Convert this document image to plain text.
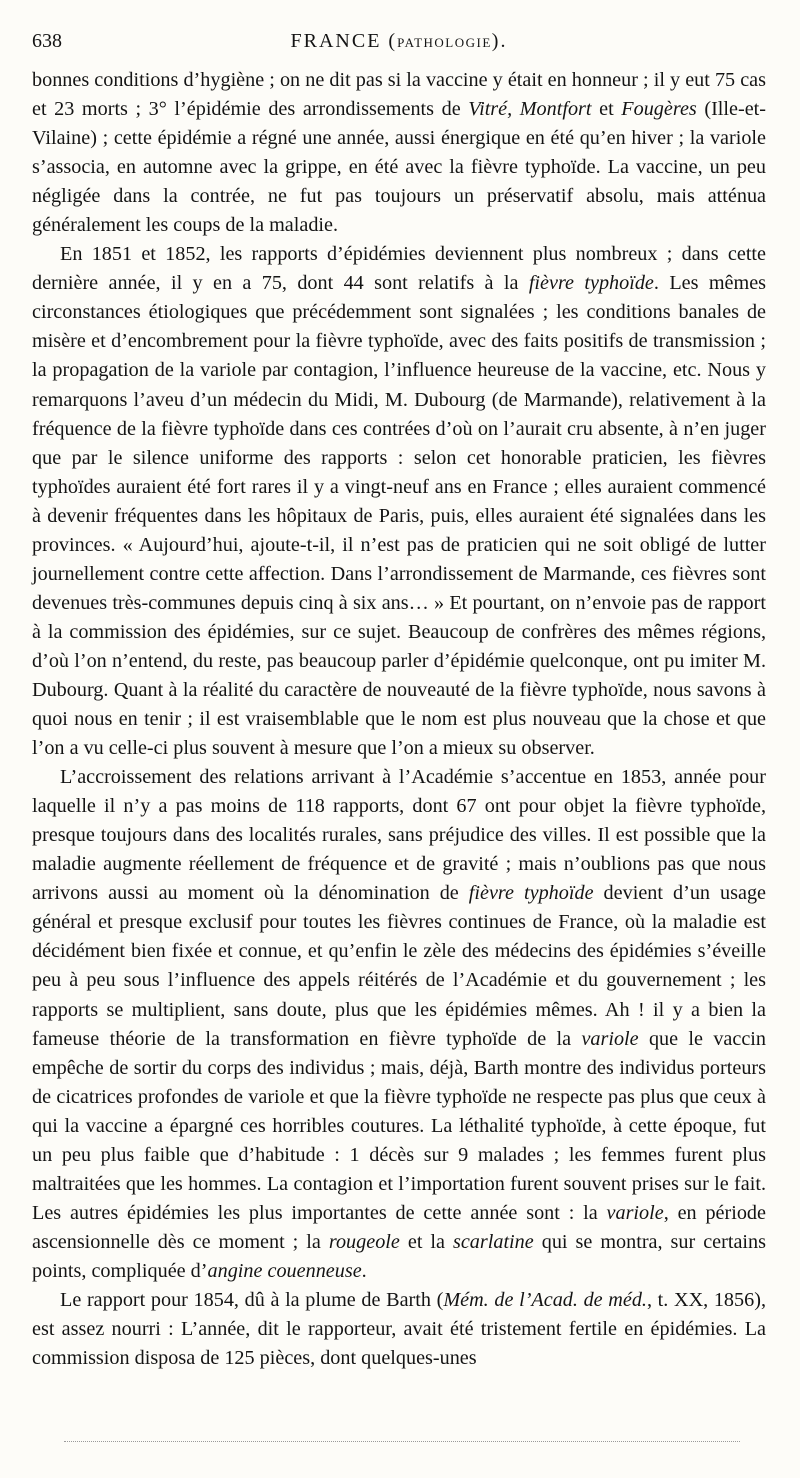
638	FRANCE (PATHOLOGIE).

bonnes conditions d’hygiène ; on ne dit pas si la vaccine y était en honneur ; il y eut 75 cas et 23 morts ; 3° l’épidémie des arrondissements de Vitré, Montfort et Fougères (Ille-et-Vilaine) ; cette épidémie a régné une année, aussi énergique en été qu’en hiver ; la variole s’associa, en automne avec la grippe, en été avec la fièvre typhoïde. La vaccine, un peu négligée dans la contrée, ne fut pas toujours un préservatif absolu, mais atténua généralement les coups de la maladie.

En 1851 et 1852, les rapports d’épidémies deviennent plus nombreux ; dans cette dernière année, il y en a 75, dont 44 sont relatifs à la fièvre typhoïde. Les mêmes circonstances étiologiques que précédemment sont signalées ; les conditions banales de misère et d’encombrement pour la fièvre typhoïde, avec des faits positifs de transmission ; la propagation de la variole par contagion, l’influence heureuse de la vaccine, etc. Nous y remarquons l’aveu d’un médecin du Midi, M. Dubourg (de Marmande), relativement à la fréquence de la fièvre typhoïde dans ces contrées d’où on l’aurait cru absente, à n’en juger que par le silence uniforme des rapports : selon cet honorable praticien, les fièvres typhoïdes auraient été fort rares il y a vingt-neuf ans en France ; elles auraient commencé à devenir fréquentes dans les hôpitaux de Paris, puis, elles auraient été signalées dans les provinces. « Aujourd’hui, ajoute-t-il, il n’est pas de praticien qui ne soit obligé de lutter journellement contre cette affection. Dans l’arrondissement de Marmande, ces fièvres sont devenues très-communes depuis cinq à six ans… » Et pourtant, on n’envoie pas de rapport à la commission des épidémies, sur ce sujet. Beaucoup de confrères des mêmes régions, d’où l’on n’entend, du reste, pas beaucoup parler d’épidémie quelconque, ont pu imiter M. Dubourg. Quant à la réalité du caractère de nouveauté de la fièvre typhoïde, nous savons à quoi nous en tenir ; il est vraisemblable que le nom est plus nouveau que la chose et que l’on a vu celle-ci plus souvent à mesure que l’on a mieux su observer.

L’accroissement des relations arrivant à l’Académie s’accentue en 1853, année pour laquelle il n’y a pas moins de 118 rapports, dont 67 ont pour objet la fièvre typhoïde, presque toujours dans des localités rurales, sans préjudice des villes. Il est possible que la maladie augmente réellement de fréquence et de gravité ; mais n’oublions pas que nous arrivons aussi au moment où la dénomination de fièvre typhoïde devient d’un usage général et presque exclusif pour toutes les fièvres continues de France, où la maladie est décidément bien fixée et connue, et qu’enfin le zèle des médecins des épidémies s’éveille peu à peu sous l’influence des appels réitérés de l’Académie et du gouvernement ; les rapports se multiplient, sans doute, plus que les épidémies mêmes. Ah ! il y a bien la fameuse théorie de la transformation en fièvre typhoïde de la variole que le vaccin empêche de sortir du corps des individus ; mais, déjà, Barth montre des individus porteurs de cicatrices profondes de variole et que la fièvre typhoïde ne respecte pas plus que ceux à qui la vaccine a épargné ces horribles coutures. La léthalité typhoïde, à cette époque, fut un peu plus faible que d’habitude : 1 décès sur 9 malades ; les femmes furent plus maltraitées que les hommes. La contagion et l’importation furent souvent prises sur le fait. Les autres épidémies les plus importantes de cette année sont : la variole, en période ascensionnelle dès ce moment ; la rougeole et la scarlatine qui se montra, sur certains points, compliquée d’angine couenneuse.

Le rapport pour 1854, dû à la plume de Barth (Mém. de l’Acad. de méd., t. XX, 1856), est assez nourri : L’année, dit le rapporteur, avait été tristement fertile en épidémies. La commission disposa de 125 pièces, dont quelques-unes
